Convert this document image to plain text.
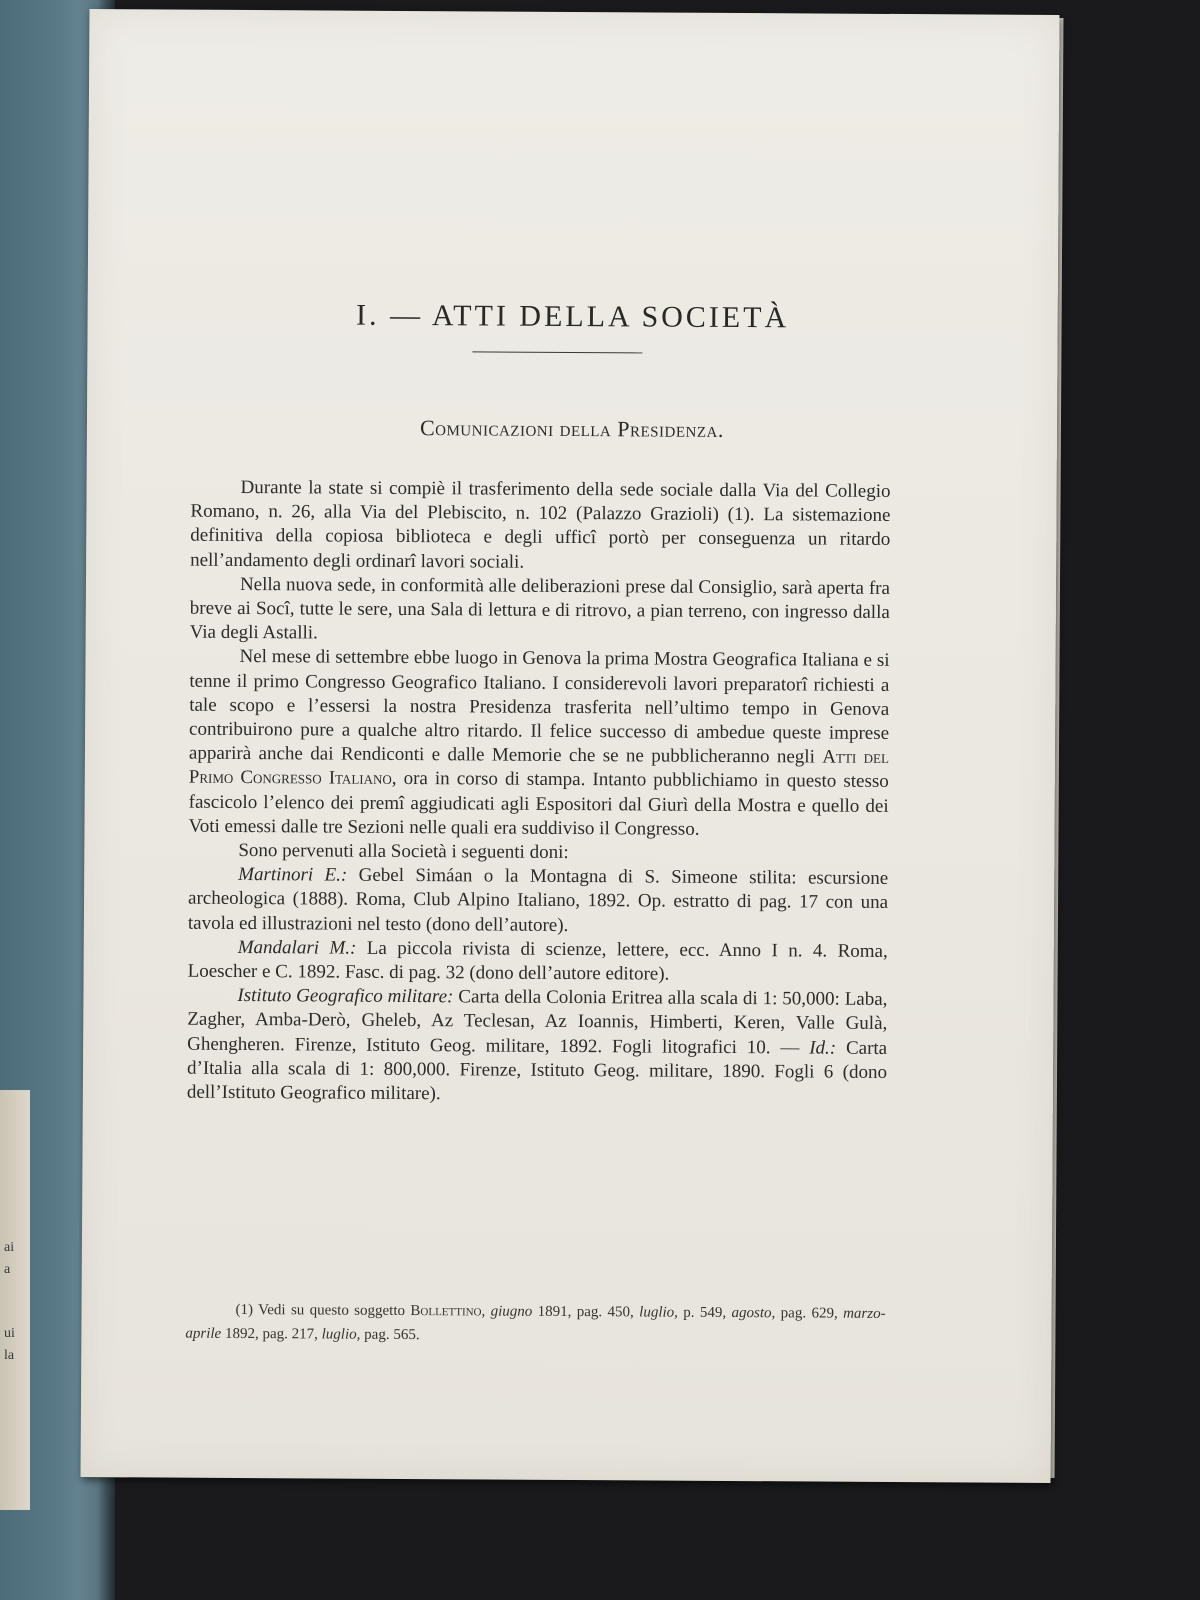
ai
a
ui
la
I. — ATTI DELLA SOCIETÀ
Comunicazioni della Presidenza.

Durante la state si compiè il trasferimento della sede sociale dalla Via del Collegio Romano, n. 26, alla Via del Plebiscito, n. 102 (Palazzo Grazioli) (1). La sistemazione definitiva della copiosa biblioteca e degli ufficî portò per conseguenza un ritardo nell’andamento degli ordinarî lavori sociali.

Nella nuova sede, in conformità alle deliberazioni prese dal Consiglio, sarà aperta fra breve ai Socî, tutte le sere, una Sala di lettura e di ritrovo, a pian terreno, con ingresso dalla Via degli Astalli.

Nel mese di settembre ebbe luogo in Genova la prima Mostra Geografica Italiana e si tenne il primo Congresso Geografico Italiano. I considerevoli lavori preparatorî richiesti a tale scopo e l’essersi la nostra Presidenza trasferita nell’ultimo tempo in Genova contribuirono pure a qualche altro ritardo. Il felice successo di ambedue queste imprese apparirà anche dai Rendiconti e dalle Memorie che se ne pubblicheranno negli Atti del Primo Congresso Italiano, ora in corso di stampa. Intanto pubblichiamo in questo stesso fascicolo l’elenco dei premî aggiudicati agli Espositori dal Giurì della Mostra e quello dei Voti emessi dalle tre Sezioni nelle quali era suddiviso il Congresso.

Sono pervenuti alla Società i seguenti doni:

Martinori E.: Gebel Simáan o la Montagna di S. Simeone stilita: escursione archeologica (1888). Roma, Club Alpino Italiano, 1892. Op. estratto di pag. 17 con una tavola ed illustrazioni nel testo (dono dell’autore).

Mandalari M.: La piccola rivista di scienze, lettere, ecc. Anno I n. 4. Roma, Loescher e C. 1892. Fasc. di pag. 32 (dono dell’autore editore).

Istituto Geografico militare: Carta della Colonia Eritrea alla scala di 1: 50,000: Laba, Zagher, Amba-Derò, Gheleb, Az Teclesan, Az Ioannis, Himberti, Keren, Valle Gulà, Ghengheren. Firenze, Istituto Geog. militare, 1892. Fogli litografici 10. — Id.: Carta d’Italia alla scala di 1: 800,000. Firenze, Istituto Geog. militare, 1890. Fogli 6 (dono dell’Istituto Geografico militare).

(1) Vedi su questo soggetto Bollettino, giugno 1891, pag. 450, luglio, p. 549, agosto, pag. 629, marzo-aprile 1892, pag. 217, luglio, pag. 565.
